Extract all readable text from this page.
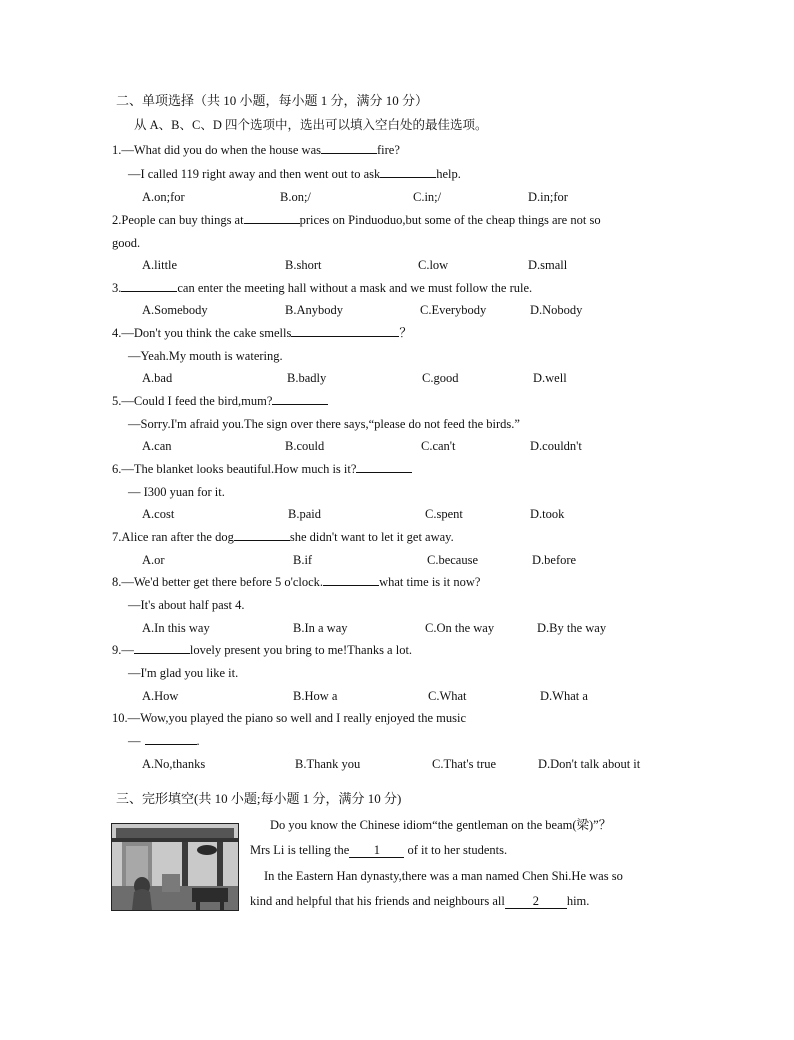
二、单项选择（共 10 小题，每小题 1 分，满分 10 分）
从 A、B、C、D 四个选项中，选出可以填入空白处的最佳选项。
1.—What did you do when the house was	fire?
—I called 119 right away and then went out to ask	help.
A.on;for	B.on;/	C.in;/	D.in;for
2.People can buy things at	prices on Pinduoduo,but some of the cheap things are not so
good.
A.little	B.short	C.low	D.small
3.	can enter the meeting hall without a mask and we must follow the rule.
A.Somebody	B.Anybody	C.Everybody	D.Nobody
4.—Don't you think the cake smells	？
—Yeah.My mouth is watering.
A.bad	B.badly	C.good	D.well
5.—Could I feed the bird,mum?
—Sorry.I'm afraid you.The sign over there says,“please do not feed the birds.”
A.can	B.could	C.can't	D.couldn't
6.—The blanket looks beautiful.How much is it?
— I300 yuan for it.
A.cost	B.paid	C.spent	D.took
7.Alice ran after the dog	she didn't want to let it get away.
A.or	B.if	C.because	D.before
8.—We'd better get there before 5 o'clock.	what time is it now?
—It's about half past 4.
A.In this way	B.In a way	C.On the way	D.By the way
9.—	lovely present you bring to me!Thanks a lot.
—I'm glad you like it.
A.How	B.How a	C.What	D.What a
10.—Wow,you played the piano so well and I really enjoyed the music
—	.
A.No,thanks	B.Thank you	C.That's true	D.Don't talk about it
三、完形填空(共 10 小题;每小题 1 分，满分 10 分)
Do you know the Chinese idiom“the gentleman on the beam(梁)”？
Mrs Li is telling the 1 of it to her students.
In the Eastern Han dynasty,there was a man named Chen Shi.He was so
kind and helpful that his friends and neighbours all 2 him.
